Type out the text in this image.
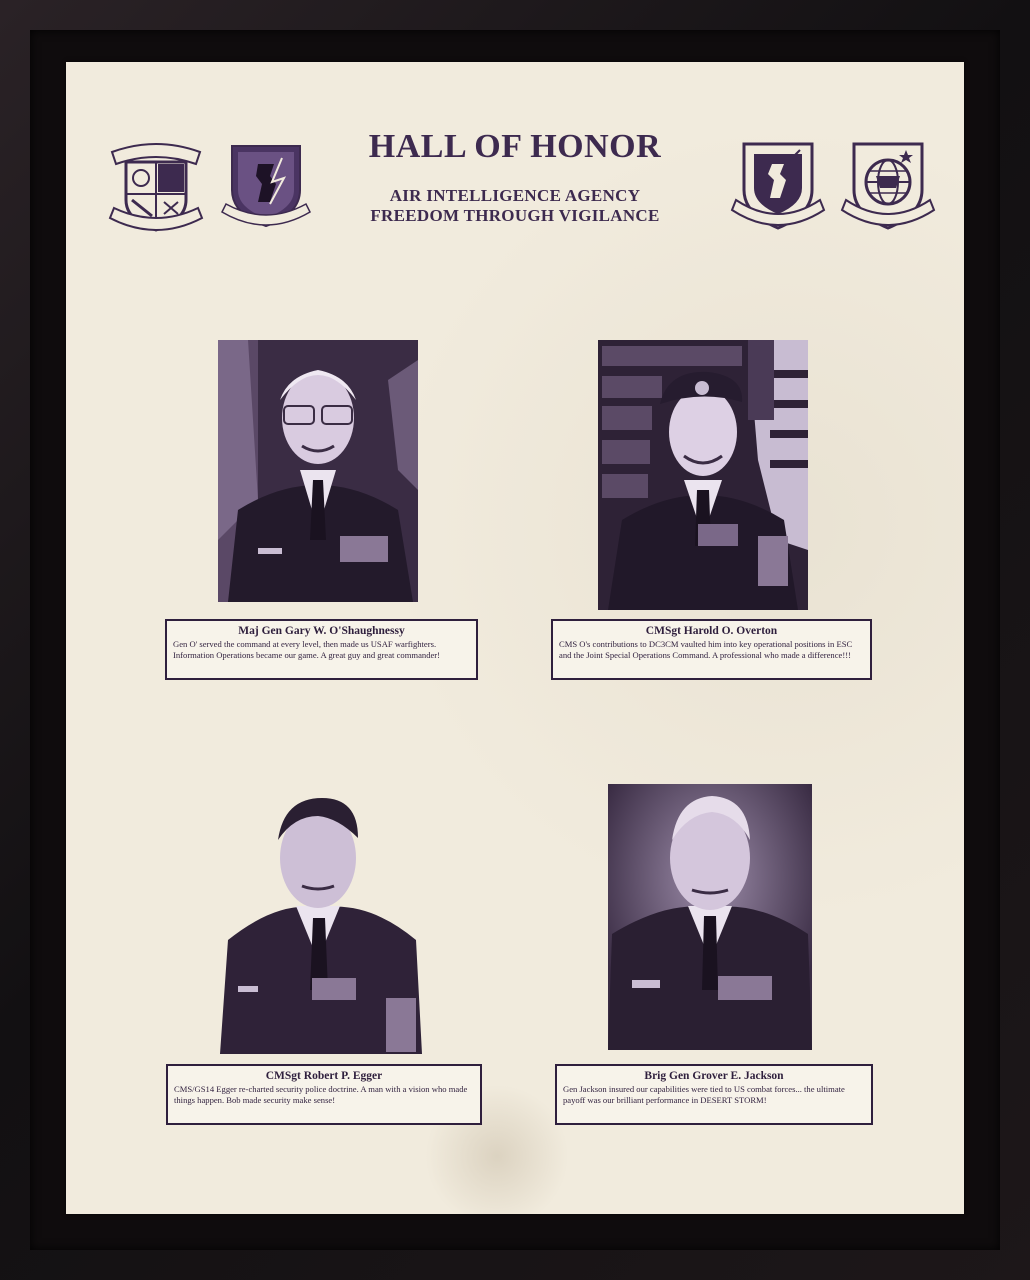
HALL OF HONOR
AIR INTELLIGENCE AGENCY
FREEDOM THROUGH VIGILANCE
Maj Gen Gary W. O'Shaughnessy
Gen O' served the command at every level, then made us USAF warfighters. Information Operations became our game. A great guy and great commander!
CMSgt Harold O. Overton
CMS O's contributions to DC3CM vaulted him into key operational positions in ESC and the Joint Special Operations Command. A professional who made a difference!!!
CMSgt Robert P. Egger
CMS/GS14 Egger re-charted security police doctrine. A man with a vision who made things happen. Bob made security make sense!
Brig Gen Grover E. Jackson
Gen Jackson insured our capabilities were tied to US combat forces... the ultimate payoff was our brilliant performance in DESERT STORM!
